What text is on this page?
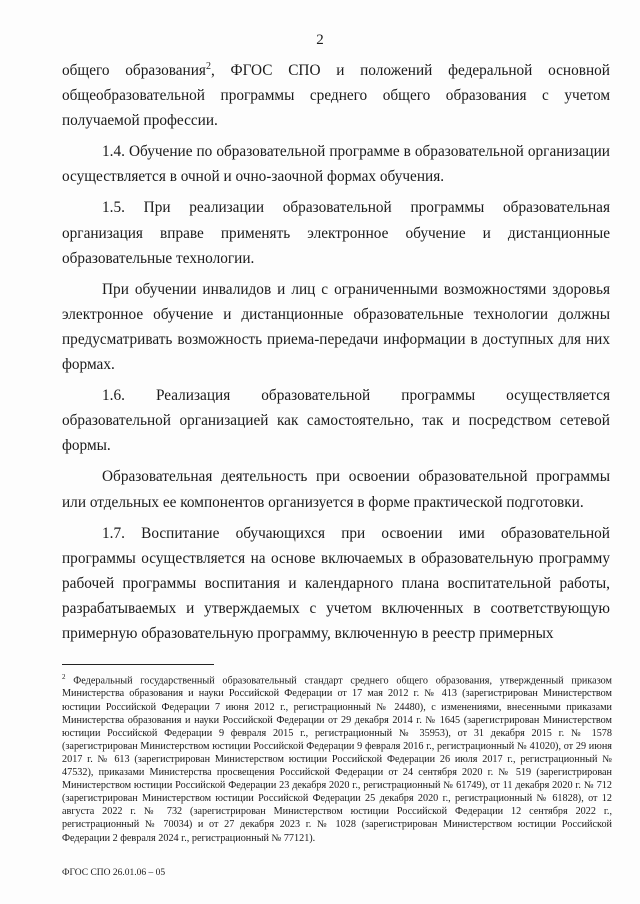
2

общего образования$^2$, ФГОС СПО и положений федеральной основной общеобразовательной программы среднего общего образования с учетом получаемой профессии.

1.4. Обучение по образовательной программе в образовательной организации осуществляется в очной и очно-заочной формах обучения.

1.5. При реализации образовательной программы образовательная организация вправе применять электронное обучение и дистанционные образовательные технологии.

При обучении инвалидов и лиц с ограниченными возможностями здоровья электронное обучение и дистанционные образовательные технологии должны предусматривать возможность приема-передачи информации в доступных для них формах.

1.6. Реализация образовательной программы осуществляется образовательной организацией как самостоятельно, так и посредством сетевой формы.

Образовательная деятельность при освоении образовательной программы или отдельных ее компонентов организуется в форме практической подготовки.

1.7. Воспитание обучающихся при освоении ими образовательной программы осуществляется на основе включаемых в образовательную программу рабочей программы воспитания и календарного плана воспитательной работы, разрабатываемых и утверждаемых с учетом включенных в соответствующую примерную образовательную программу, включенную в реестр примерных

$^2$ Федеральный государственный образовательный стандарт среднего общего образования, утвержденный приказом Министерства образования и науки Российской Федерации от 17 мая 2012 г. № 413 (зарегистрирован Министерством юстиции Российской Федерации 7 июня 2012 г., регистрационный № 24480), с изменениями, внесенными приказами Министерства образования и науки Российской Федерации от 29 декабря 2014 г. № 1645 (зарегистрирован Министерством юстиции Российской Федерации 9 февраля 2015 г., регистрационный № 35953), от 31 декабря 2015 г. № 1578 (зарегистрирован Министерством юстиции Российской Федерации 9 февраля 2016 г., регистрационный № 41020), от 29 июня 2017 г. № 613 (зарегистрирован Министерством юстиции Российской Федерации 26 июля 2017 г., регистрационный № 47532), приказами Министерства просвещения Российской Федерации от 24 сентября 2020 г. № 519 (зарегистрирован Министерством юстиции Российской Федерации 23 декабря 2020 г., регистрационный № 61749), от 11 декабря 2020 г. № 712 (зарегистрирован Министерством юстиции Российской Федерации 25 декабря 2020 г., регистрационный № 61828), от 12 августа 2022 г. № 732 (зарегистрирован Министерством юстиции Российской Федерации 12 сентября 2022 г., регистрационный № 70034) и от 27 декабря 2023 г. № 1028 (зарегистрирован Министерством юстиции Российской Федерации 2 февраля 2024 г., регистрационный № 77121).
ФГОС СПО 26.01.06 – 05
